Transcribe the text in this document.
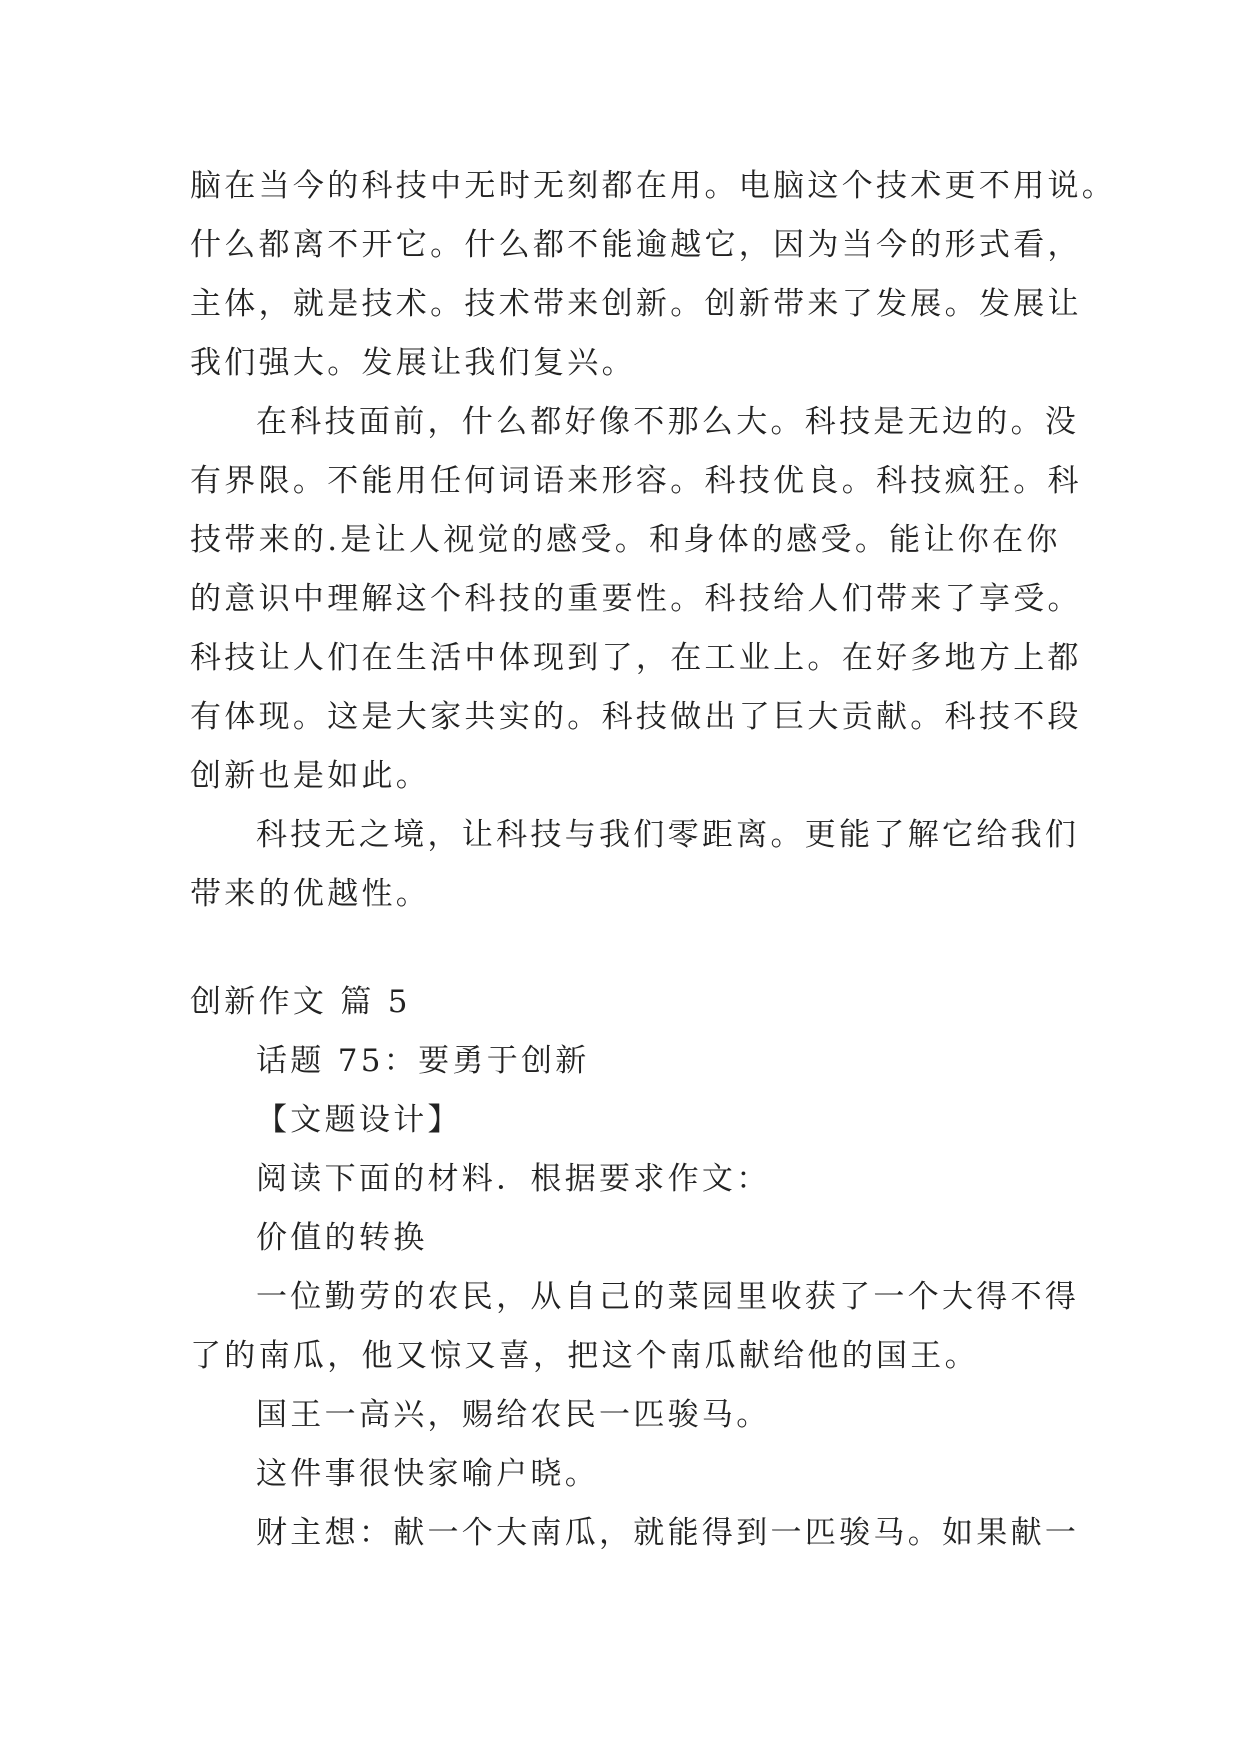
脑在当今的科技中无时无刻都在用。电脑这个技术更不用说。
什么都离不开它。什么都不能逾越它，因为当今的形式看，
主体，就是技术。技术带来创新。创新带来了发展。发展让
我们强大。发展让我们复兴。
在科技面前，什么都好像不那么大。科技是无边的。没
有界限。不能用任何词语来形容。科技优良。科技疯狂。科
技带来的.是让人视觉的感受。和身体的感受。能让你在你
的意识中理解这个科技的重要性。科技给人们带来了享受。
科技让人们在生活中体现到了，在工业上。在好多地方上都
有体现。这是大家共实的。科技做出了巨大贡献。科技不段
创新也是如此。
科技无之境，让科技与我们零距离。更能了解它给我们
带来的优越性。
创新作文 篇 5
话题 75：要勇于创新
【文题设计】
阅读下面的材料．根据要求作文：
价值的转换
一位勤劳的农民，从自己的菜园里收获了一个大得不得
了的南瓜，他又惊又喜，把这个南瓜献给他的国王。
国王一高兴，赐给农民一匹骏马。
这件事很快家喻户晓。
财主想：献一个大南瓜，就能得到一匹骏马。如果献一
